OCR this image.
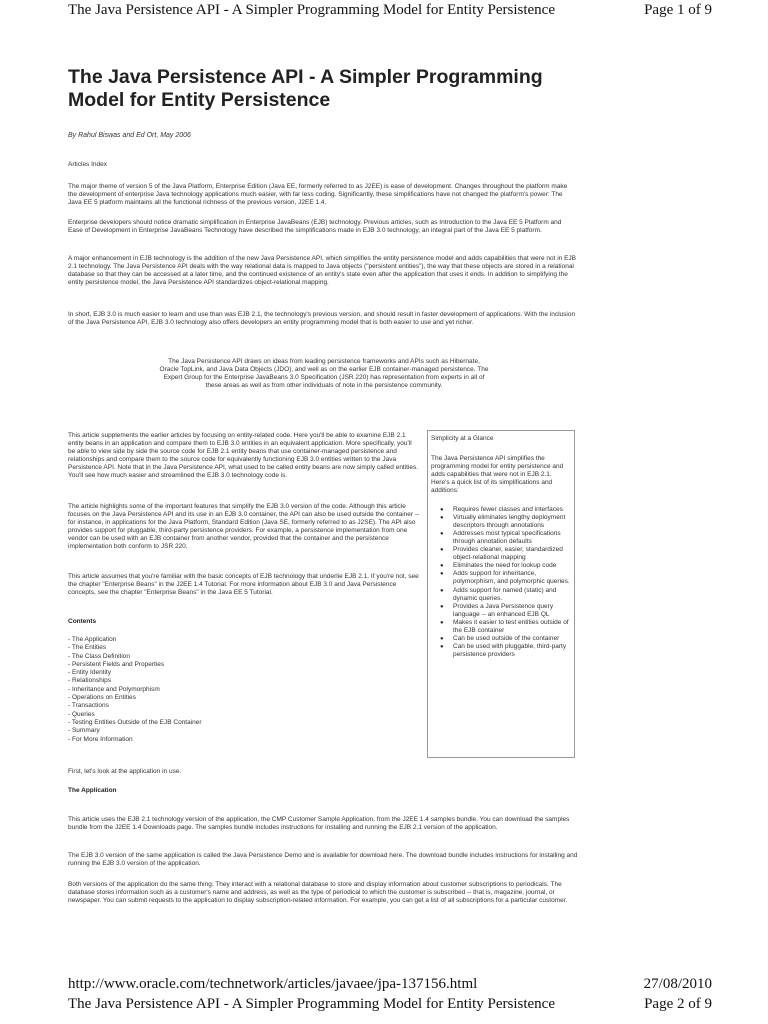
The Java Persistence API - A Simpler Programming Model for Entity Persistence	Page 1 of 9
The Java Persistence API - A Simpler Programming Model for Entity Persistence
By Rahul Biswas and Ed Ort, May 2006
Articles Index

The major theme of version 5 of the Java Platform, Enterprise Edition (Java EE, formerly referred to as J2EE) is ease of development. Changes throughout the platform make the development of enterprise Java technology applications much easier, with far less coding. Significantly, these simplifications have not changed the platform's power: The Java EE 5 platform maintains all the functional richness of the previous version, J2EE 1.4.

Enterprise developers should notice dramatic simplification in Enterprise JavaBeans (EJB) technology. Previous articles, such as Introduction to the Java EE 5 Platform and Ease of Development in Enterprise JavaBeans Technology have described the simplifications made in EJB 3.0 technology, an integral part of the Java EE 5 platform.

A major enhancement in EJB technology is the addition of the new Java Persistence API, which simplifies the entity persistence model and adds capabilities that were not in EJB 2.1 technology. The Java Persistence API deals with the way relational data is mapped to Java objects ("persistent entities"), the way that these objects are stored in a relational database so that they can be accessed at a later time, and the continued existence of an entity's state even after the application that uses it ends. In addition to simplifying the entity persistence model, the Java Persistence API standardizes object-relational mapping.

In short, EJB 3.0 is much easier to learn and use than was EJB 2.1, the technology's previous version, and should result in faster development of applications. With the inclusion of the Java Persistence API, EJB 3.0 technology also offers developers an entity programming model that is both easier to use and yet richer.

The Java Persistence API draws on ideas from leading persistence frameworks and APIs such as Hibernate, Oracle TopLink, and Java Data Objects (JDO), and well as on the earlier EJB container-managed persistence. The Expert Group for the Enterprise JavaBeans 3.0 Specification (JSR 220) has representation from experts in all of these areas as well as from other individuals of note in the persistence community.
This article supplements the earlier articles by focusing on entity-related code. Here you'll be able to examine EJB 2.1 entity beans in an application and compare them to EJB 3.0 entities in an equivalent application. More specifically, you'll be able to view side by side the source code for EJB 2.1 entity beans that use container-managed persistence and relationships and compare them to the source code for equivalently functioning EJB 3.0 entities written to the Java Persistence API. Note that in the Java Persistence API, what used to be called entity beans are now simply called entities. You'll see how much easier and streamlined the EJB 3.0 technology code is.
The article highlights some of the important features that simplify the EJB 3.0 version of the code. Although this article focuses on the Java Persistence API and its use in an EJB 3.0 container, the API can also be used outside the container -- for instance, in applications for the Java Platform, Standard Edition (Java SE, formerly referred to as J2SE). The API also provides support for pluggable, third-party persistence providers. For example, a persistence implementation from one vendor can be used with an EJB container from another vendor, provided that the container and the persistence implementation both conform to JSR 220.
This article assumes that you're familiar with the basic concepts of EJB technology that underlie EJB 2.1. If you're not, see the chapter "Enterprise Beans" in the J2EE 1.4 Tutorial. For more information about EJB 3.0 and Java Persistence concepts, see the chapter "Enterprise Beans" in the Java EE 5 Tutorial.
Contents
- The Application
- The Entities
- The Class Definition
- Persistent Fields and Properties
- Entity Identity
- Relationships
- Inheritance and Polymorphism
- Operations on Entities
- Transactions
- Queries
- Testing Entities Outside of the EJB Container
- Summary
- For More Information
Simplicity at a Glance
The Java Persistence API simplifies the programming model for entity persistence and adds capabilities that were not in EJB 2.1. Here's a quick list of its simplifications and additions:
● Requires fewer classes and interfaces
● Virtually eliminates lengthy deployment descriptors through annotations
● Addresses most typical specifications through annotation defaults
● Provides cleaner, easier, standardized object-relational mapping
● Eliminates the need for lookup code
● Adds support for inheritance, polymorphism, and polymorphic queries.
● Adds support for named (static) and dynamic queries.
● Provides a Java Persistence query language -- an enhanced EJB QL
● Makes it easier to test entities outside of the EJB container
● Can be used outside of the container
● Can be used with pluggable, third-party persistence providers
First, let's look at the application in use.
The Application

This article uses the EJB 2.1 technology version of the application, the CMP Customer Sample Application, from the J2EE 1.4 samples bundle. You can download the samples bundle from the J2EE 1.4 Downloads page. The samples bundle includes instructions for installing and running the EJB 2.1 version of the application.

The EJB 3.0 version of the same application is called the Java Persistence Demo and is available for download here. The download bundle includes instructions for installing and running the EJB 3.0 version of the application.

Both versions of the application do the same thing: They interact with a relational database to store and display information about customer subscriptions to periodicals. The database stores information such as a customer's name and address, as well as the type of periodical to which the customer is subscribed -- that is, magazine, journal, or newspaper. You can submit requests to the application to display subscription-related information. For example, you can get a list of all subscriptions for a particular customer.

http://www.oracle.com/technetwork/articles/javaee/jpa-137156.html	27/08/2010
The Java Persistence API - A Simpler Programming Model for Entity Persistence	Page 2 of 9
